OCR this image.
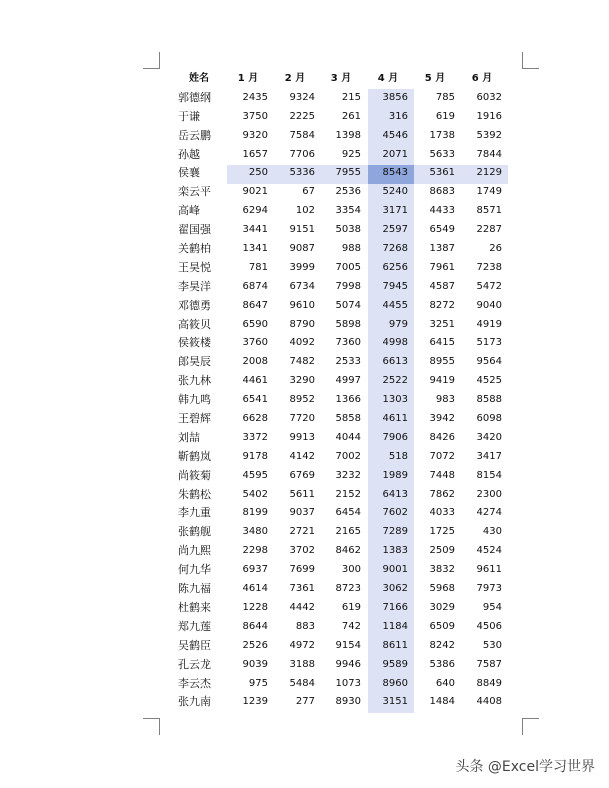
姓名	1 月	2 月	3 月	4 月	5 月	6 月
郭德纲	2435	9324	215	3856	785	6032
于谦	3750	2225	261	316	619	1916
岳云鹏	9320	7584	1398	4546	1738	5392
孙越	1657	7706	925	2071	5633	7844
侯襄	250	5336	7955	8543	5361	2129
栾云平	9021	67	2536	5240	8683	1749
高峰	6294	102	3354	3171	4433	8571
翟国强	3441	9151	5038	2597	6549	2287
关鹤柏	1341	9087	988	7268	1387	26
王昊悦	781	3999	7005	6256	7961	7238
李昊洋	6874	6734	7998	7945	4587	5472
邓德勇	8647	9610	5074	4455	8272	9040
高筱贝	6590	8790	5898	979	3251	4919
侯筱楼	3760	4092	7360	4998	6415	5173
郎昊辰	2008	7482	2533	6613	8955	9564
张九林	4461	3290	4997	2522	9419	4525
韩九鸣	6541	8952	1366	1303	983	8588
王碧辉	6628	7720	5858	4611	3942	6098
刘喆	3372	9913	4044	7906	8426	3420
靳鹤岚	9178	4142	7002	518	7072	3417
尚筱菊	4595	6769	3232	1989	7448	8154
朱鹤松	5402	5611	2152	6413	7862	2300
李九重	8199	9037	6454	7602	4033	4274
张鹤舰	3480	2721	2165	7289	1725	430
尚九熙	2298	3702	8462	1383	2509	4524
何九华	6937	7699	300	9001	3832	9611
陈九福	4614	7361	8723	3062	5968	7973
杜鹤来	1228	4442	619	7166	3029	954
郑九莲	8644	883	742	1184	6509	4506
吴鹤臣	2526	4972	9154	8611	8242	530
孔云龙	9039	3188	9946	9589	5386	7587
李云杰	975	5484	1073	8960	640	8849
张九南	1239	277	8930	3151	1484	4408
头条 @Excel学习世界
